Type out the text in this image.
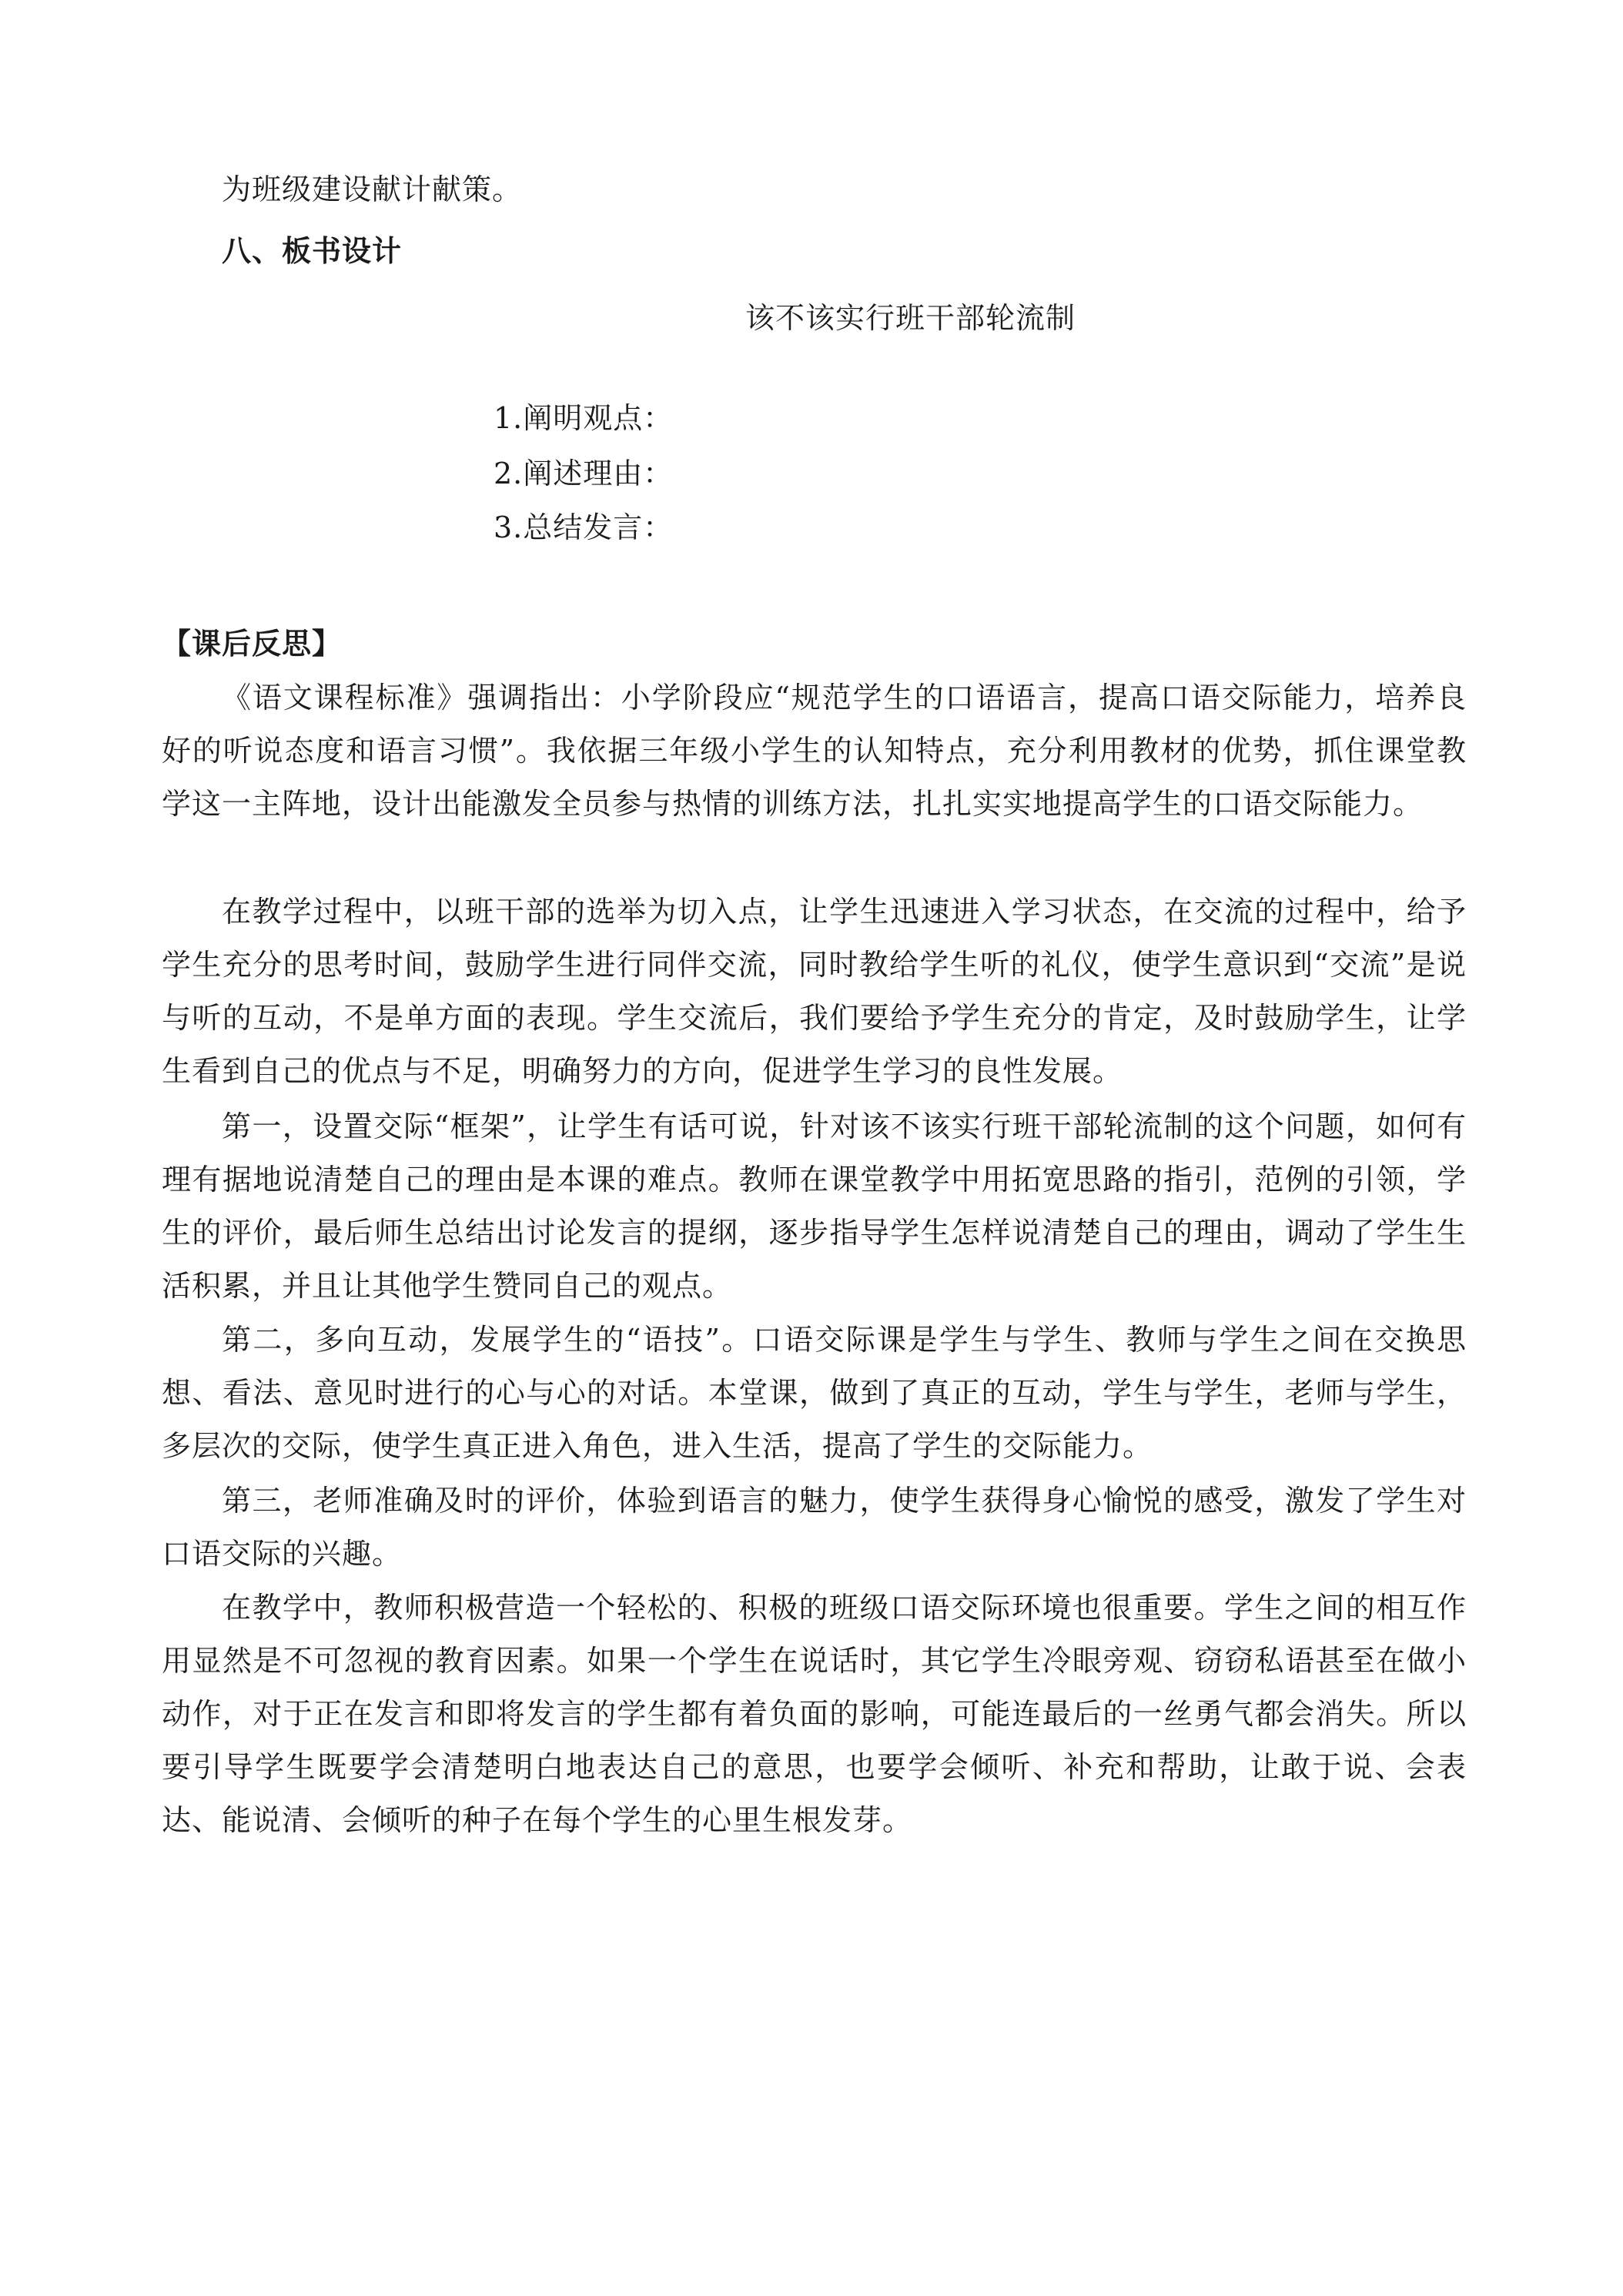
为班级建设献计献策。
八、板书设计
该不该实行班干部轮流制
1.阐明观点：
2.阐述理由：
3.总结发言：
【课后反思】

《语文课程标准》强调指出：小学阶段应“规范学生的口语语言，提高口语交际能力，培养良好的听说态度和语言习惯”。我依据三年级小学生的认知特点，充分利用教材的优势，抓住课堂教学这一主阵地，设计出能激发全员参与热情的训练方法，扎扎实实地提高学生的口语交际能力。

在教学过程中，以班干部的选举为切入点，让学生迅速进入学习状态，在交流的过程中，给予学生充分的思考时间，鼓励学生进行同伴交流，同时教给学生听的礼仪，使学生意识到“交流”是说与听的互动，不是单方面的表现。学生交流后，我们要给予学生充分的肯定，及时鼓励学生，让学生看到自己的优点与不足，明确努力的方向，促进学生学习的良性发展。

第一，设置交际“框架”，让学生有话可说，针对该不该实行班干部轮流制的这个问题，如何有理有据地说清楚自己的理由是本课的难点。教师在课堂教学中用拓宽思路的指引，范例的引领，学生的评价，最后师生总结出讨论发言的提纲，逐步指导学生怎样说清楚自己的理由，调动了学生生活积累，并且让其他学生赞同自己的观点。

第二，多向互动，发展学生的“语技”。口语交际课是学生与学生、教师与学生之间在交换思想、看法、意见时进行的心与心的对话。本堂课，做到了真正的互动，学生与学生，老师与学生，多层次的交际，使学生真正进入角色，进入生活，提高了学生的交际能力。

第三，老师准确及时的评价，体验到语言的魅力，使学生获得身心愉悦的感受，激发了学生对口语交际的兴趣。

在教学中，教师积极营造一个轻松的、积极的班级口语交际环境也很重要。学生之间的相互作用显然是不可忽视的教育因素。如果一个学生在说话时，其它学生冷眼旁观、窃窃私语甚至在做小动作，对于正在发言和即将发言的学生都有着负面的影响，可能连最后的一丝勇气都会消失。所以要引导学生既要学会清楚明白地表达自己的意思，也要学会倾听、补充和帮助，让敢于说、会表达、能说清、会倾听的种子在每个学生的心里生根发芽。
